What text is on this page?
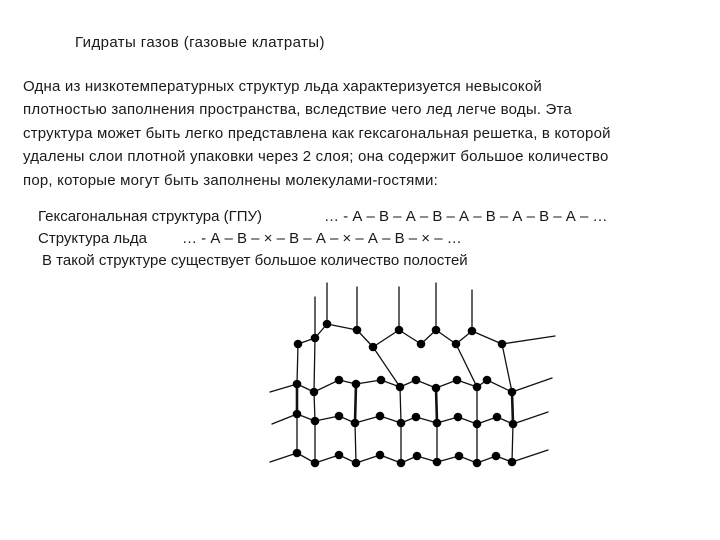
Гидраты газов (газовые клатраты)
Одна из низкотемпературных структур льда характеризуется невысокой
плотностью заполнения пространства, вследствие чего лед легче воды. Эта
структура может быть легко представлена как гексагональная решетка, в которой
удалены слои плотной упаковки через 2 слоя; она содержит большое количество
пор, которые могут быть заполнены молекулами-гостями:
Гексагональная структура (ГПУ)	… - А – В – А – В – А – В – А – В – А – …
Структура льда … - А – В – × – В – А – × – А – В – × – …
В такой структуре существует большое количество полостей
